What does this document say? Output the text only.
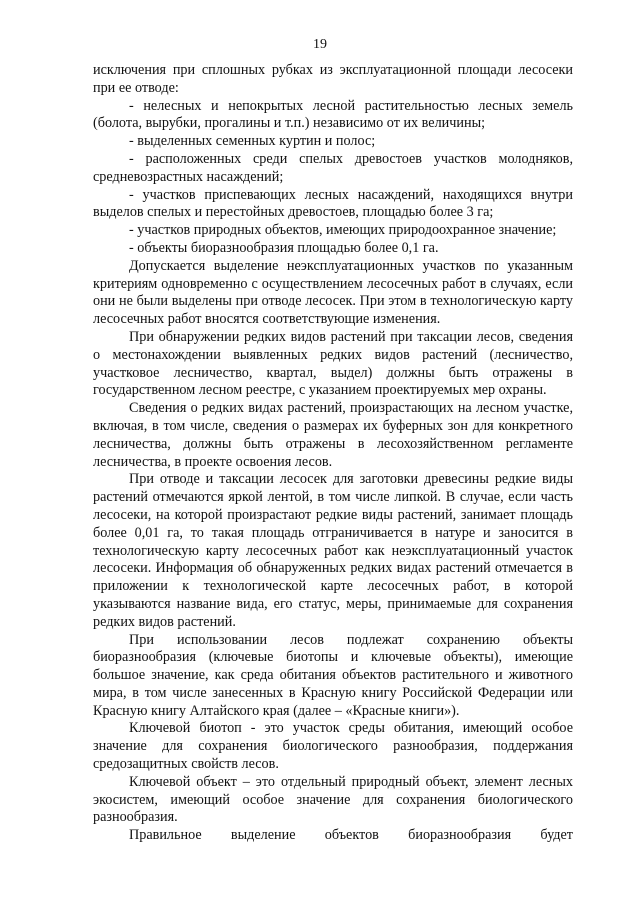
19

исключения при сплошных рубках из эксплуатационной площади лесосеки при ее отводе:

- нелесных и непокрытых лесной растительностью лесных земель (болота, вырубки, прогалины и т.п.) независимо от их величины;

- выделенных семенных куртин и полос;

- расположенных среди спелых древостоев участков молодняков, средневозрастных насаждений;

- участков приспевающих лесных насаждений, находящихся внутри выделов спелых и перестойных древостоев, площадью более 3 га;

- участков природных объектов, имеющих природоохранное значение;

- объекты биоразнообразия площадью более 0,1 га.

Допускается выделение неэксплуатационных участков по указанным критериям одновременно с осуществлением лесосечных работ в случаях, если они не были выделены при отводе лесосек. При этом в технологическую карту лесосечных работ вносятся соответствующие изменения.

При обнаружении редких видов растений при таксации лесов, сведения о местонахождении выявленных редких видов растений (лесничество, участковое лесничество, квартал, выдел) должны быть отражены в государственном лесном реестре, с указанием проектируемых мер охраны.

Сведения о редких видах растений, произрастающих на лесном участке, включая, в том числе, сведения о размерах их буферных зон для конкретного лесничества, должны быть отражены в лесохозяйственном регламенте лесничества, в проекте освоения лесов.

При отводе и таксации лесосек для заготовки древесины редкие виды растений отмечаются яркой лентой, в том числе липкой. В случае, если часть лесосеки, на которой произрастают редкие виды растений, занимает площадь более 0,01 га, то такая площадь отграничивается в натуре и заносится в технологическую карту лесосечных работ как неэксплуатационный участок лесосеки. Информация об обнаруженных редких видах растений отмечается в приложении к технологической карте лесосечных работ, в которой указываются название вида, его статус, меры, принимаемые для сохранения редких видов растений.

При использовании лесов подлежат сохранению объекты биоразнообразия (ключевые биотопы и ключевые объекты), имеющие большое значение, как среда обитания объектов растительного и животного мира, в том числе занесенных в Красную книгу Российской Федерации или Красную книгу Алтайского края (далее – «Красные книги»).

Ключевой биотоп - это участок среды обитания, имеющий особое значение для сохранения биологического разнообразия, поддержания средозащитных свойств лесов.

Ключевой объект – это отдельный природный объект, элемент лесных экосистем, имеющий особое значение для сохранения биологического разнообразия.

Правильное выделение объектов биоразнообразия будет
